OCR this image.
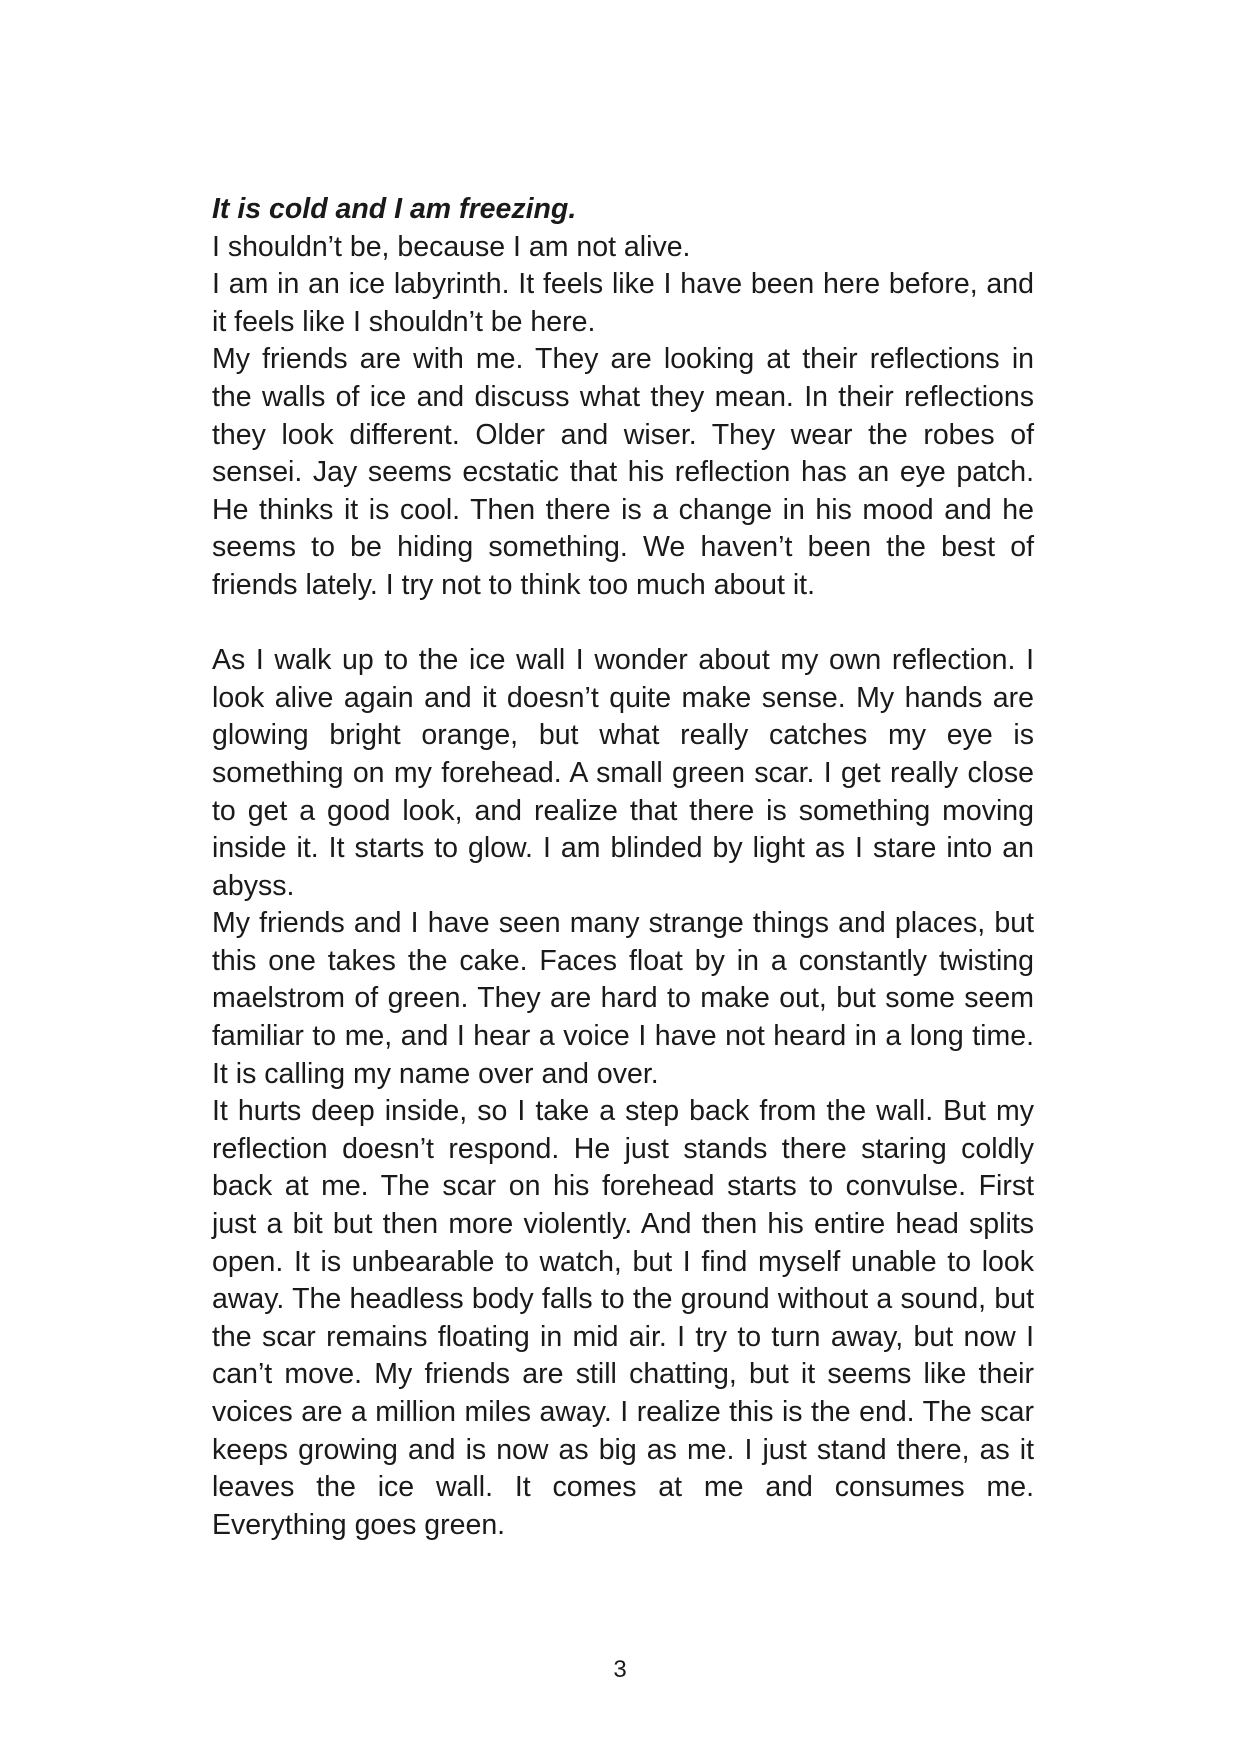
It is cold and I am freezing.

I shouldn’t be, because I am not alive.

I am in an ice labyrinth. It feels like I have been here before, and it feels like I shouldn’t be here.

My friends are with me. They are looking at their reflections in the walls of ice and discuss what they mean. In their reflections they look different. Older and wiser. They wear the robes of sensei. Jay seems ecstatic that his reflection has an eye patch. He thinks it is cool. Then there is a change in his mood and he seems to be hiding something. We haven’t been the best of friends lately. I try not to think too much about it.

As I walk up to the ice wall I wonder about my own reflection. I look alive again and it doesn’t quite make sense. My hands are glowing bright orange, but what really catches my eye is something on my forehead. A small green scar. I get really close to get a good look, and realize that there is something moving inside it. It starts to glow. I am blinded by light as I stare into an abyss.

My friends and I have seen many strange things and places, but this one takes the cake. Faces float by in a constantly twisting maelstrom of green. They are hard to make out, but some seem familiar to me, and I hear a voice I have not heard in a long time. It is calling my name over and over.

It hurts deep inside, so I take a step back from the wall. But my reflection doesn’t respond. He just stands there staring coldly back at me. The scar on his forehead starts to convulse. First just a bit but then more violently. And then his entire head splits open. It is unbearable to watch, but I find myself unable to look away. The headless body falls to the ground without a sound, but the scar remains floating in mid air. I try to turn away, but now I can’t move. My friends are still chatting, but it seems like their voices are a million miles away. I realize this is the end. The scar keeps growing and is now as big as me. I just stand there, as it leaves the ice wall. It comes at me and consumes me. Everything goes green.

3
